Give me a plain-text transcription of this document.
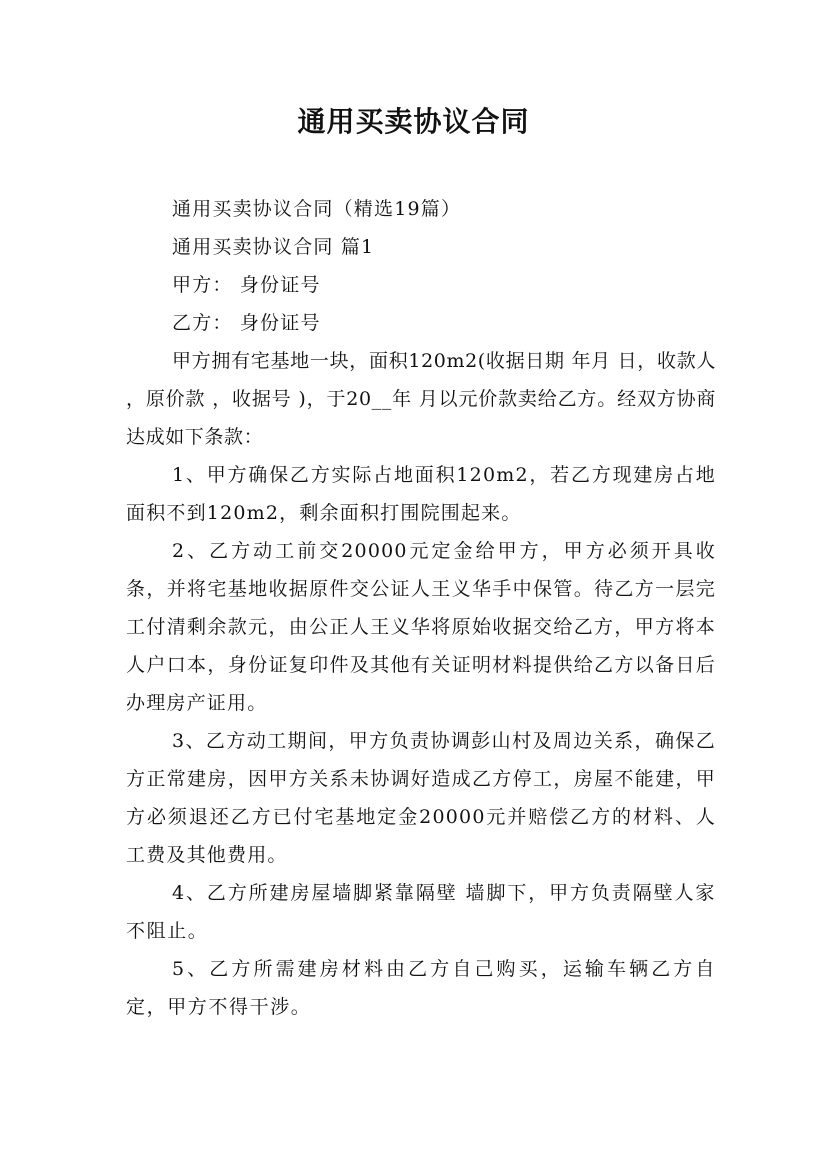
通用买卖协议合同

通用买卖协议合同（精选19篇）

通用买卖协议合同 篇1

甲方： 身份证号

乙方： 身份证号

甲方拥有宅基地一块，面积120m2(收据日期 年月 日，收款人 ，原价款 ，收据号 )，于20__年 月以元价款卖给乙方。经双方协商达成如下条款：

1、甲方确保乙方实际占地面积120m2，若乙方现建房占地面积不到120m2，剩余面积打围院围起来。

2、乙方动工前交20000元定金给甲方，甲方必须开具收条，并将宅基地收据原件交公证人王义华手中保管。待乙方一层完工付清剩余款元，由公正人王义华将原始收据交给乙方，甲方将本人户口本，身份证复印件及其他有关证明材料提供给乙方以备日后办理房产证用。

3、乙方动工期间，甲方负责协调彭山村及周边关系，确保乙方正常建房，因甲方关系未协调好造成乙方停工，房屋不能建，甲方必须退还乙方已付宅基地定金20000元并赔偿乙方的材料、人工费及其他费用。

4、乙方所建房屋墙脚紧靠隔壁 墙脚下，甲方负责隔壁人家不阻止。

5、乙方所需建房材料由乙方自己购买，运输车辆乙方自定，甲方不得干涉。
